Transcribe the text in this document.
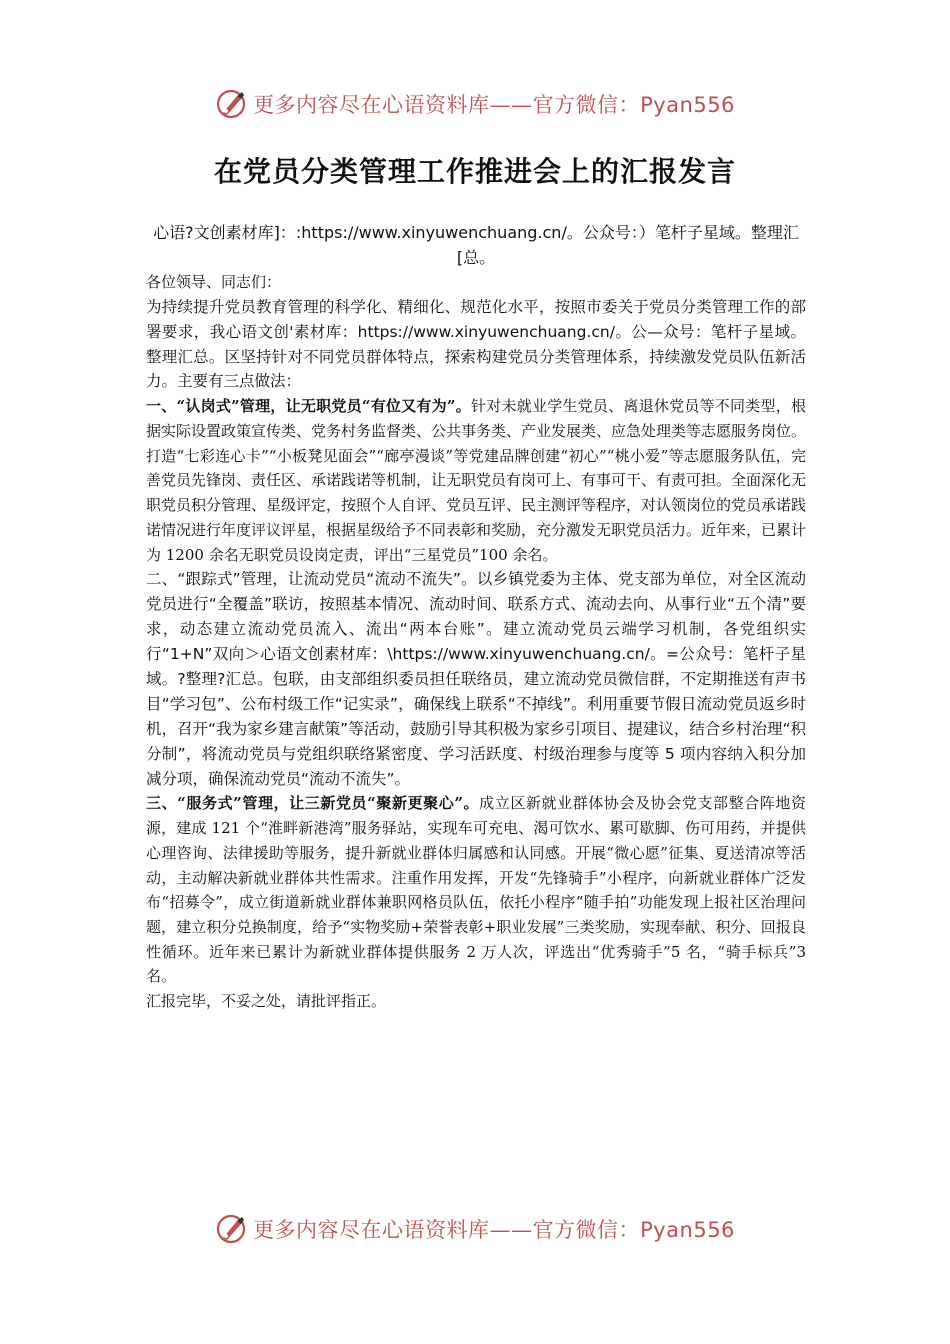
更多内容尽在心语资料库——官方微信：Pyan556
在党员分类管理工作推进会上的汇报发言

心语?文创素材库]：:https://www.xinyuwenchuang.cn/。公众号：）笔杆子星域。整理汇[总。

各位领导、同志们：

为持续提升党员教育管理的科学化、精细化、规范化水平，按照市委关于党员分类管理工作的部署要求，我心语文创'素材库：https://www.xinyuwenchuang.cn/。公—众号：笔杆子星域。整理汇总。区坚持针对不同党员群体特点，探索构建党员分类管理体系，持续激发党员队伍新活力。主要有三点做法：

一、“认岗式”管理，让无职党员“有位又有为”。针对未就业学生党员、离退休党员等不同类型，根据实际设置政策宣传类、党务村务监督类、公共事务类、产业发展类、应急处理类等志愿服务岗位。打造“七彩连心卡”“小板凳见面会”“廊亭漫谈”等党建品牌创建“初心”“桃小爱”等志愿服务队伍，完善党员先锋岗、责任区、承诺践诺等机制，让无职党员有岗可上、有事可干、有责可担。全面深化无职党员积分管理、星级评定，按照个人自评、党员互评、民主测评等程序，对认领岗位的党员承诺践诺情况进行年度评议评星，根据星级给予不同表彰和奖励，充分激发无职党员活力。近年来，已累计为 1200 余名无职党员设岗定责，评出“三星党员”100 余名。

二、“跟踪式”管理，让流动党员“流动不流失”。以乡镇党委为主体、党支部为单位，对全区流动党员进行“全覆盖”联访，按照基本情况、流动时间、联系方式、流动去向、从事行业“五个清”要求，动态建立流动党员流入、流出“两本台账”。建立流动党员云端学习机制，各党组织实行“1+N”双向＞心语文创素材库：\https://www.xinyuwenchuang.cn/。=公众号：笔杆子星域。?整理?汇总。包联，由支部组织委员担任联络员，建立流动党员微信群，不定期推送有声书目“学习包”、公布村级工作“记实录”，确保线上联系“不掉线”。利用重要节假日流动党员返乡时机，召开“我为家乡建言献策”等活动，鼓励引导其积极为家乡引项目、提建议，结合乡村治理“积分制”，将流动党员与党组织联络紧密度、学习活跃度、村级治理参与度等 5 项内容纳入积分加减分项，确保流动党员“流动不流失”。

三、“服务式”管理，让三新党员“聚新更聚心”。成立区新就业群体协会及协会党支部整合阵地资源，建成 121 个“淮畔新港湾”服务驿站，实现车可充电、渴可饮水、累可歇脚、伤可用药，并提供心理咨询、法律援助等服务，提升新就业群体归属感和认同感。开展“微心愿”征集、夏送清凉等活动，主动解决新就业群体共性需求。注重作用发挥，开发“先锋骑手”小程序，向新就业群体广泛发布“招募令”，成立街道新就业群体兼职网格员队伍，依托小程序“随手拍”功能发现上报社区治理问题，建立积分兑换制度，给予“实物奖励+荣誉表彰+职业发展”三类奖励，实现奉献、积分、回报良性循环。近年来已累计为新就业群体提供服务 2 万人次，评选出“优秀骑手”5 名，“骑手标兵”3 名。

汇报完毕，不妥之处，请批评指正。

更多内容尽在心语资料库——官方微信：Pyan556
